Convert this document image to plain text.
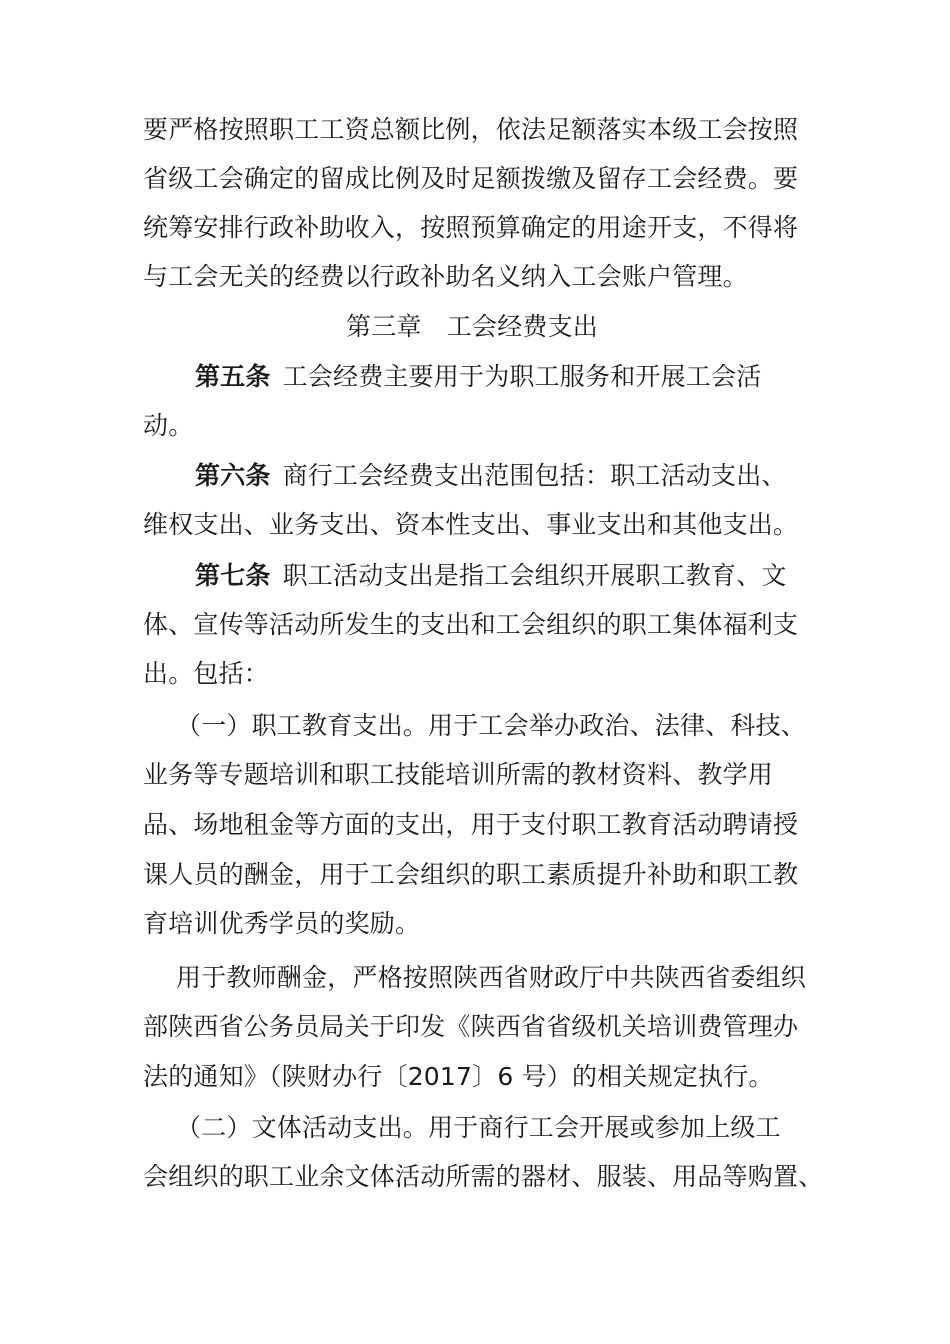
要严格按照职工工资总额比例，依法足额落实本级工会按照
省级工会确定的留成比例及时足额拨缴及留存工会经费。要
统筹安排行政补助收入，按照预算确定的用途开支，不得将
与工会无关的经费以行政补助名义纳入工会账户管理。
第三章　工会经费支出
第五条 工会经费主要用于为职工服务和开展工会活
动。
第六条 商行工会经费支出范围包括：职工活动支出、
维权支出、业务支出、资本性支出、事业支出和其他支出。
第七条 职工活动支出是指工会组织开展职工教育、文
体、宣传等活动所发生的支出和工会组织的职工集体福利支
出。包括：
（一）职工教育支出。用于工会举办政治、法律、科技、
业务等专题培训和职工技能培训所需的教材资料、教学用
品、场地租金等方面的支出，用于支付职工教育活动聘请授
课人员的酬金，用于工会组织的职工素质提升补助和职工教
育培训优秀学员的奖励。
用于教师酬金，严格按照陕西省财政厅中共陕西省委组织
部陕西省公务员局关于印发《陕西省省级机关培训费管理办
法的通知》（陕财办行〔2017〕6 号）的相关规定执行。
（二）文体活动支出。用于商行工会开展或参加上级工
会组织的职工业余文体活动所需的器材、服装、用品等购置、
